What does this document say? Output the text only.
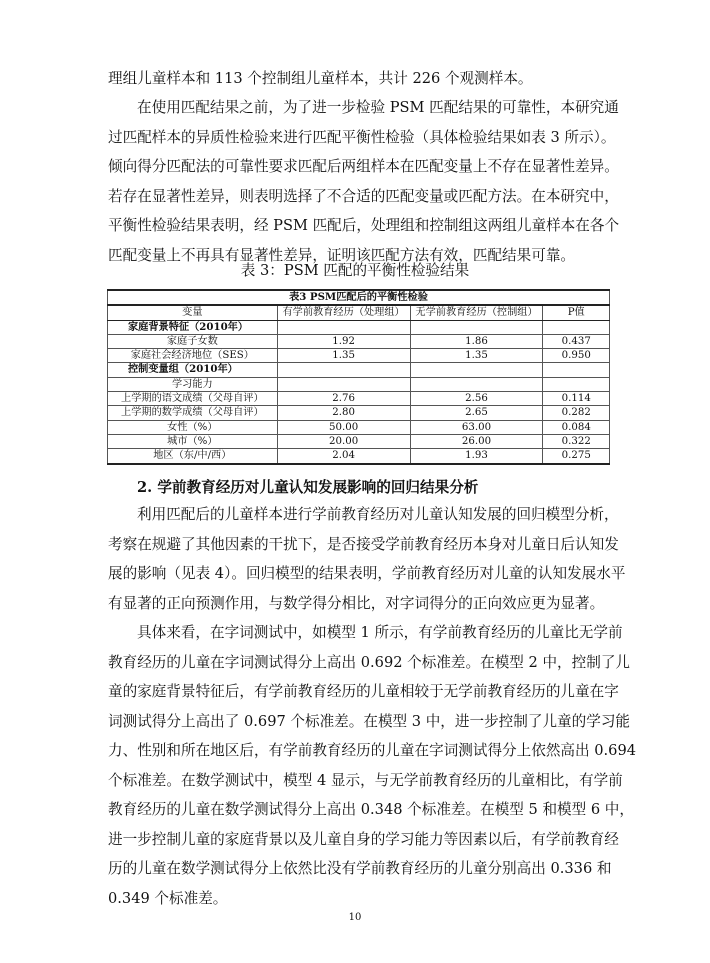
理组儿童样本和 113 个控制组儿童样本，共计 226 个观测样本。
在使用匹配结果之前，为了进一步检验 PSM 匹配结果的可靠性，本研究通
过匹配样本的异质性检验来进行匹配平衡性检验（具体检验结果如表 3 所示）。
倾向得分匹配法的可靠性要求匹配后两组样本在匹配变量上不存在显著性差异。
若存在显著性差异，则表明选择了不合适的匹配变量或匹配方法。在本研究中，
平衡性检验结果表明，经 PSM 匹配后，处理组和控制组这两组儿童样本在各个
匹配变量上不再具有显著性差异，证明该匹配方法有效，匹配结果可靠。
表 3：PSM 匹配的平衡性检验结果
表3 PSM匹配后的平衡性检验			
变量	有学前教育经历（处理组）	无学前教育经历（控制组）	P值
家庭背景特征（2010年）			
家庭子女数	1.92	1.86	0.437
家庭社会经济地位（SES）	1.35	1.35	0.950
控制变量组（2010年）			
学习能力			
上学期的语文成绩（父母自评）	2.76	2.56	0.114
上学期的数学成绩（父母自评）	2.80	2.65	0.282
女性（%）	50.00	63.00	0.084
城市（%）	20.00	26.00	0.322
地区（东/中/西）	2.04	1.93	0.275
2. 学前教育经历对儿童认知发展影响的回归结果分析
利用匹配后的儿童样本进行学前教育经历对儿童认知发展的回归模型分析，
考察在规避了其他因素的干扰下，是否接受学前教育经历本身对儿童日后认知发
展的影响（见表 4）。回归模型的结果表明，学前教育经历对儿童的认知发展水平
有显著的正向预测作用，与数学得分相比，对字词得分的正向效应更为显著。
具体来看，在字词测试中，如模型 1 所示，有学前教育经历的儿童比无学前
教育经历的儿童在字词测试得分上高出 0.692 个标准差。在模型 2 中，控制了儿
童的家庭背景特征后，有学前教育经历的儿童相较于无学前教育经历的儿童在字
词测试得分上高出了 0.697 个标准差。在模型 3 中，进一步控制了儿童的学习能
力、性别和所在地区后，有学前教育经历的儿童在字词测试得分上依然高出 0.694
个标准差。在数学测试中，模型 4 显示，与无学前教育经历的儿童相比，有学前
教育经历的儿童在数学测试得分上高出 0.348 个标准差。在模型 5 和模型 6 中，
进一步控制儿童的家庭背景以及儿童自身的学习能力等因素以后，有学前教育经
历的儿童在数学测试得分上依然比没有学前教育经历的儿童分别高出 0.336 和
0.349 个标准差。
10
